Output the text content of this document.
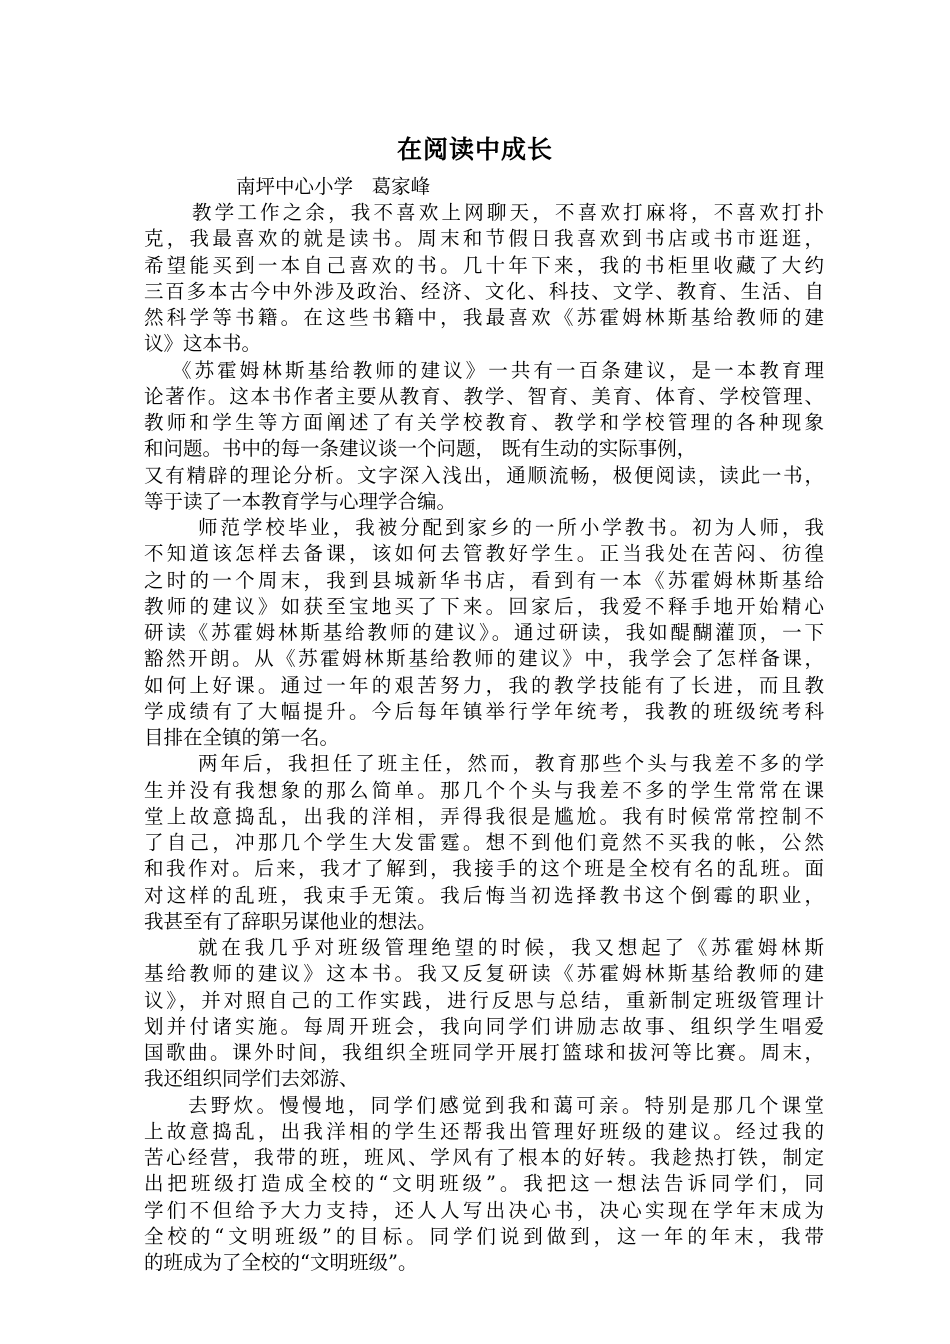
在阅读中成长
南坪中心小学   葛家峰
教学工作之余，我不喜欢上网聊天，不喜欢打麻将，不喜欢打扑
克，我最喜欢的就是读书。周末和节假日我喜欢到书店或书市逛逛，
希望能买到一本自己喜欢的书。几十年下来，我的书柜里收藏了大约
三百多本古今中外涉及政治、经济、文化、科技、文学、教育、生活、自
然科学等书籍。在这些书籍中，我最喜欢《苏霍姆林斯基给教师的建
议》这本书。
《苏霍姆林斯基给教师的建议》一共有一百条建议，是一本教育理
论著作。这本书作者主要从教育、教学、智育、美育、体育、学校管理、
教师和学生等方面阐述了有关学校教育、教学和学校管理的各种现象
和问题。书中的每一条建议谈一个问题， 既有生动的实际事例，
又有精辟的理论分析。文字深入浅出，通顺流畅，极便阅读，读此一书，
等于读了一本教育学与心理学合编。
师范学校毕业，我被分配到家乡的一所小学教书。初为人师，我
不知道该怎样去备课，该如何去管教好学生。正当我处在苦闷、彷徨
之时的一个周末，我到县城新华书店，看到有一本《苏霍姆林斯基给
教师的建议》如获至宝地买了下来。回家后，我爱不释手地开始精心
研读《苏霍姆林斯基给教师的建议》。通过研读，我如醍醐灌顶，一下
豁然开朗。从《苏霍姆林斯基给教师的建议》中，我学会了怎样备课，
如何上好课。通过一年的艰苦努力，我的教学技能有了长进，而且教
学成绩有了大幅提升。今后每年镇举行学年统考，我教的班级统考科
目排在全镇的第一名。
两年后，我担任了班主任，然而，教育那些个头与我差不多的学
生并没有我想象的那么简单。那几个个头与我差不多的学生常常在课
堂上故意捣乱，出我的洋相，弄得我很是尴尬。我有时候常常控制不
了自己，冲那几个学生大发雷霆。想不到他们竟然不买我的帐，公然
和我作对。后来，我才了解到，我接手的这个班是全校有名的乱班。面
对这样的乱班，我束手无策。我后悔当初选择教书这个倒霉的职业，
我甚至有了辞职另谋他业的想法。
就在我几乎对班级管理绝望的时候，我又想起了《苏霍姆林斯
基给教师的建议》这本书。我又反复研读《苏霍姆林斯基给教师的建
议》，并对照自己的工作实践，进行反思与总结，重新制定班级管理计
划并付诸实施。每周开班会，我向同学们讲励志故事、组织学生唱爱
国歌曲。课外时间，我组织全班同学开展打篮球和拔河等比赛。周末，
我还组织同学们去郊游、
去野炊。慢慢地，同学们感觉到我和蔼可亲。特别是那几个课堂
上故意捣乱，出我洋相的学生还帮我出管理好班级的建议。经过我的
苦心经营，我带的班，班风、学风有了根本的好转。我趁热打铁，制定
出把班级打造成全校的“文明班级”。我把这一想法告诉同学们，同
学们不但给予大力支持，还人人写出决心书，决心实现在学年末成为
全校的“文明班级”的目标。同学们说到做到，这一年的年末，我带
的班成为了全校的“文明班级”。
